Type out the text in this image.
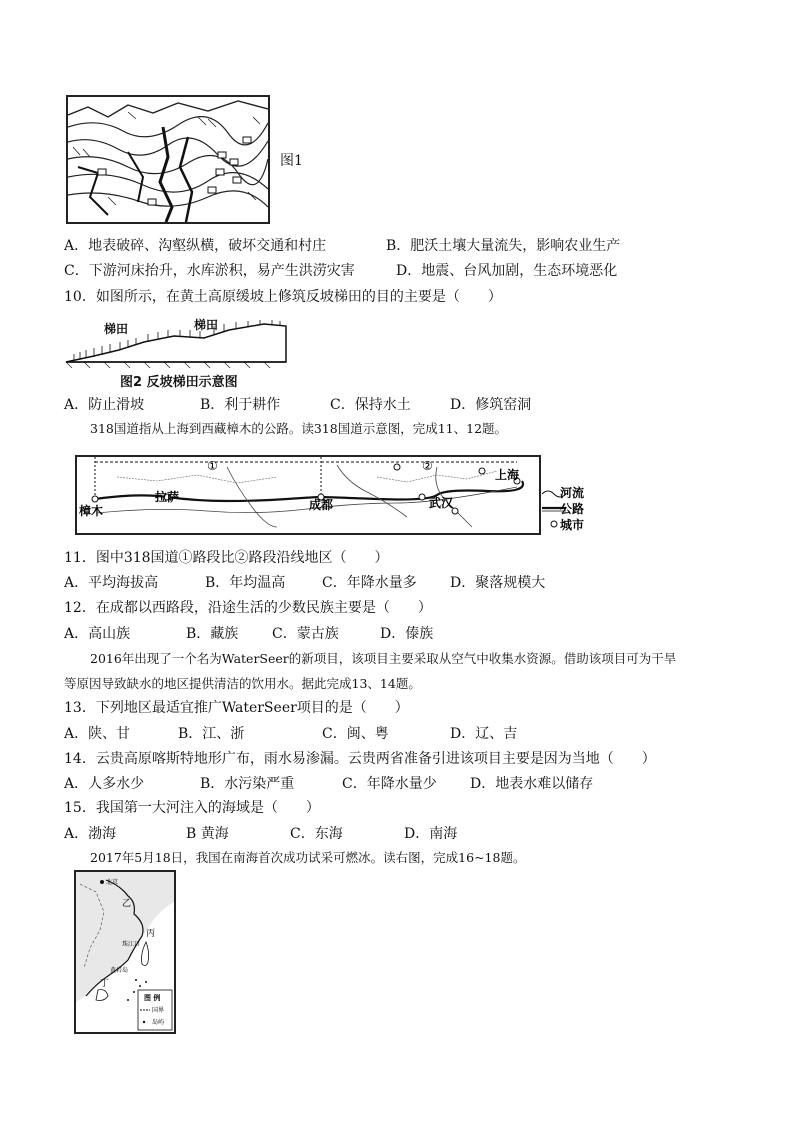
图1
A．地表破碎、沟壑纵横，破坏交通和村庄	B．肥沃土壤大量流失，影响农业生产
C．下游河床抬升，水库淤积，易产生洪涝灾害	D．地震、台风加剧，生态环境恶化
10．如图所示，在黄土高原缓坡上修筑反坡梯田的目的主要是（　　）
梯田	梯田
图2 反坡梯田示意图
A．防止滑坡	B．利于耕作	C．保持水土	D．修筑窑洞
318国道指从上海到西藏樟木的公路。读318国道示意图，完成11、12题。
①	②
樟木
拉萨
成都	武汉
上海
河流
公路
城市
11．图中318国道①路段比②路段沿线地区（　　）
A．平均海拔高	B．年均温高	C．年降水量多 D．聚落规模大
12．在成都以西路段，沿途生活的少数民族主要是（　　）
A．高山族	B．藏族 C．蒙古族	D．傣族
2016年出现了一个名为WaterSeer的新项目，该项目主要采取从空气中收集水资源。借助该项目可为干旱
等原因导致缺水的地区提供清洁的饮用水。据此完成13、14题。
13．下列地区最适宜推广WaterSeer项目的是（　　）
A．陕、甘	B．江、浙	C．闽、粤	D．辽、吉
14．云贵高原喀斯特地形广布，雨水易渗漏。云贵两省准备引进该项目主要是因为当地（　　）
A．人多水少	B．水污染严重	C．年降水量少 D．地表水难以储存
15．我国第一大河注入的海域是（　　）
A．渤海	B 黄海	C．东海	D．南海
2017年5月18日，我国在南海首次成功试采可燃冰。读右图，完成16~18题。
北京
乙
丙
珠江口
黄岩岛
丁
图 例
国界
岛屿
